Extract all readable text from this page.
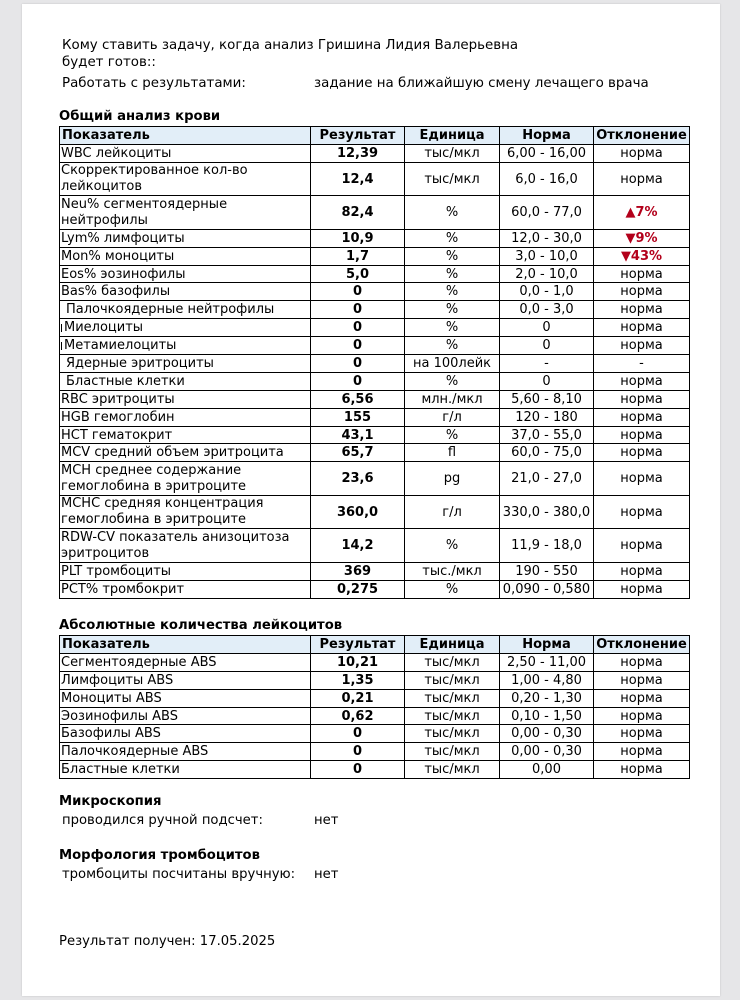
Кому ставить задачу, когда анализ Гришина Лидия Валерьевна
будет готов::
Работать с результатами:	задание на ближайшую смену лечащего врача
Общий анализ крови
Показатель	Результат	Единица	Норма	Отклонение
WBC лейкоциты	12,39	тыс/мкл	6,00 - 16,00	норма
Скорректированное кол-во лейкоцитов	12,4	тыс/мкл	6,0 - 16,0	норма
Neu% сегментоядерные нейтрофилы	82,4	%	60,0 - 77,0	▲7%
Lym% лимфоциты	10,9	%	12,0 - 30,0	▼9%
Mon% моноциты	1,7	%	3,0 - 10,0	▼43%
Eos% эозинофилы	5,0	%	2,0 - 10,0	норма
Bas% базофилы	0	%	0,0 - 1,0	норма
Палочкоядерные нейтрофилы	0	%	0,0 - 3,0	норма
Миелоциты	0	%	0	норма
Метамиелоциты	0	%	0	норма
Ядерные эритроциты	0	на 100лейк	-	-
Бластные клетки	0	%	0	норма
RBC эритроциты	6,56	млн./мкл	5,60 - 8,10	норма
HGB гемоглобин	155	г/л	120 - 180	норма
HCT гематокрит	43,1	%	37,0 - 55,0	норма
MCV средний объем эритроцита	65,7	fl	60,0 - 75,0	норма
MCH среднее содержание гемоглобина в эритроците	23,6	pg	21,0 - 27,0	норма
MCHC средняя концентрация гемоглобина в эритроците	360,0	г/л	330,0 - 380,0	норма
RDW-CV показатель анизоцитоза эритроцитов	14,2	%	11,9 - 18,0	норма
PLT тромбоциты	369	тыс./мкл	190 - 550	норма
PCT% тромбокрит	0,275	%	0,090 - 0,580	норма
Абсолютные количества лейкоцитов
Показатель	Результат	Единица	Норма	Отклонение
Сегментоядерные ABS	10,21	тыс/мкл	2,50 - 11,00	норма
Лимфоциты ABS	1,35	тыс/мкл	1,00 - 4,80	норма
Моноциты ABS	0,21	тыс/мкл	0,20 - 1,30	норма
Эозинофилы ABS	0,62	тыс/мкл	0,10 - 1,50	норма
Базофилы ABS	0	тыс/мкл	0,00 - 0,30	норма
Палочкоядерные ABS	0	тыс/мкл	0,00 - 0,30	норма
Бластные клетки	0	тыс/мкл	0,00	норма
Микроскопия
проводился ручной подсчет:	нет
Морфология тромбоцитов
тромбоциты посчитаны вручную: нет
Результат получен: 17.05.2025
